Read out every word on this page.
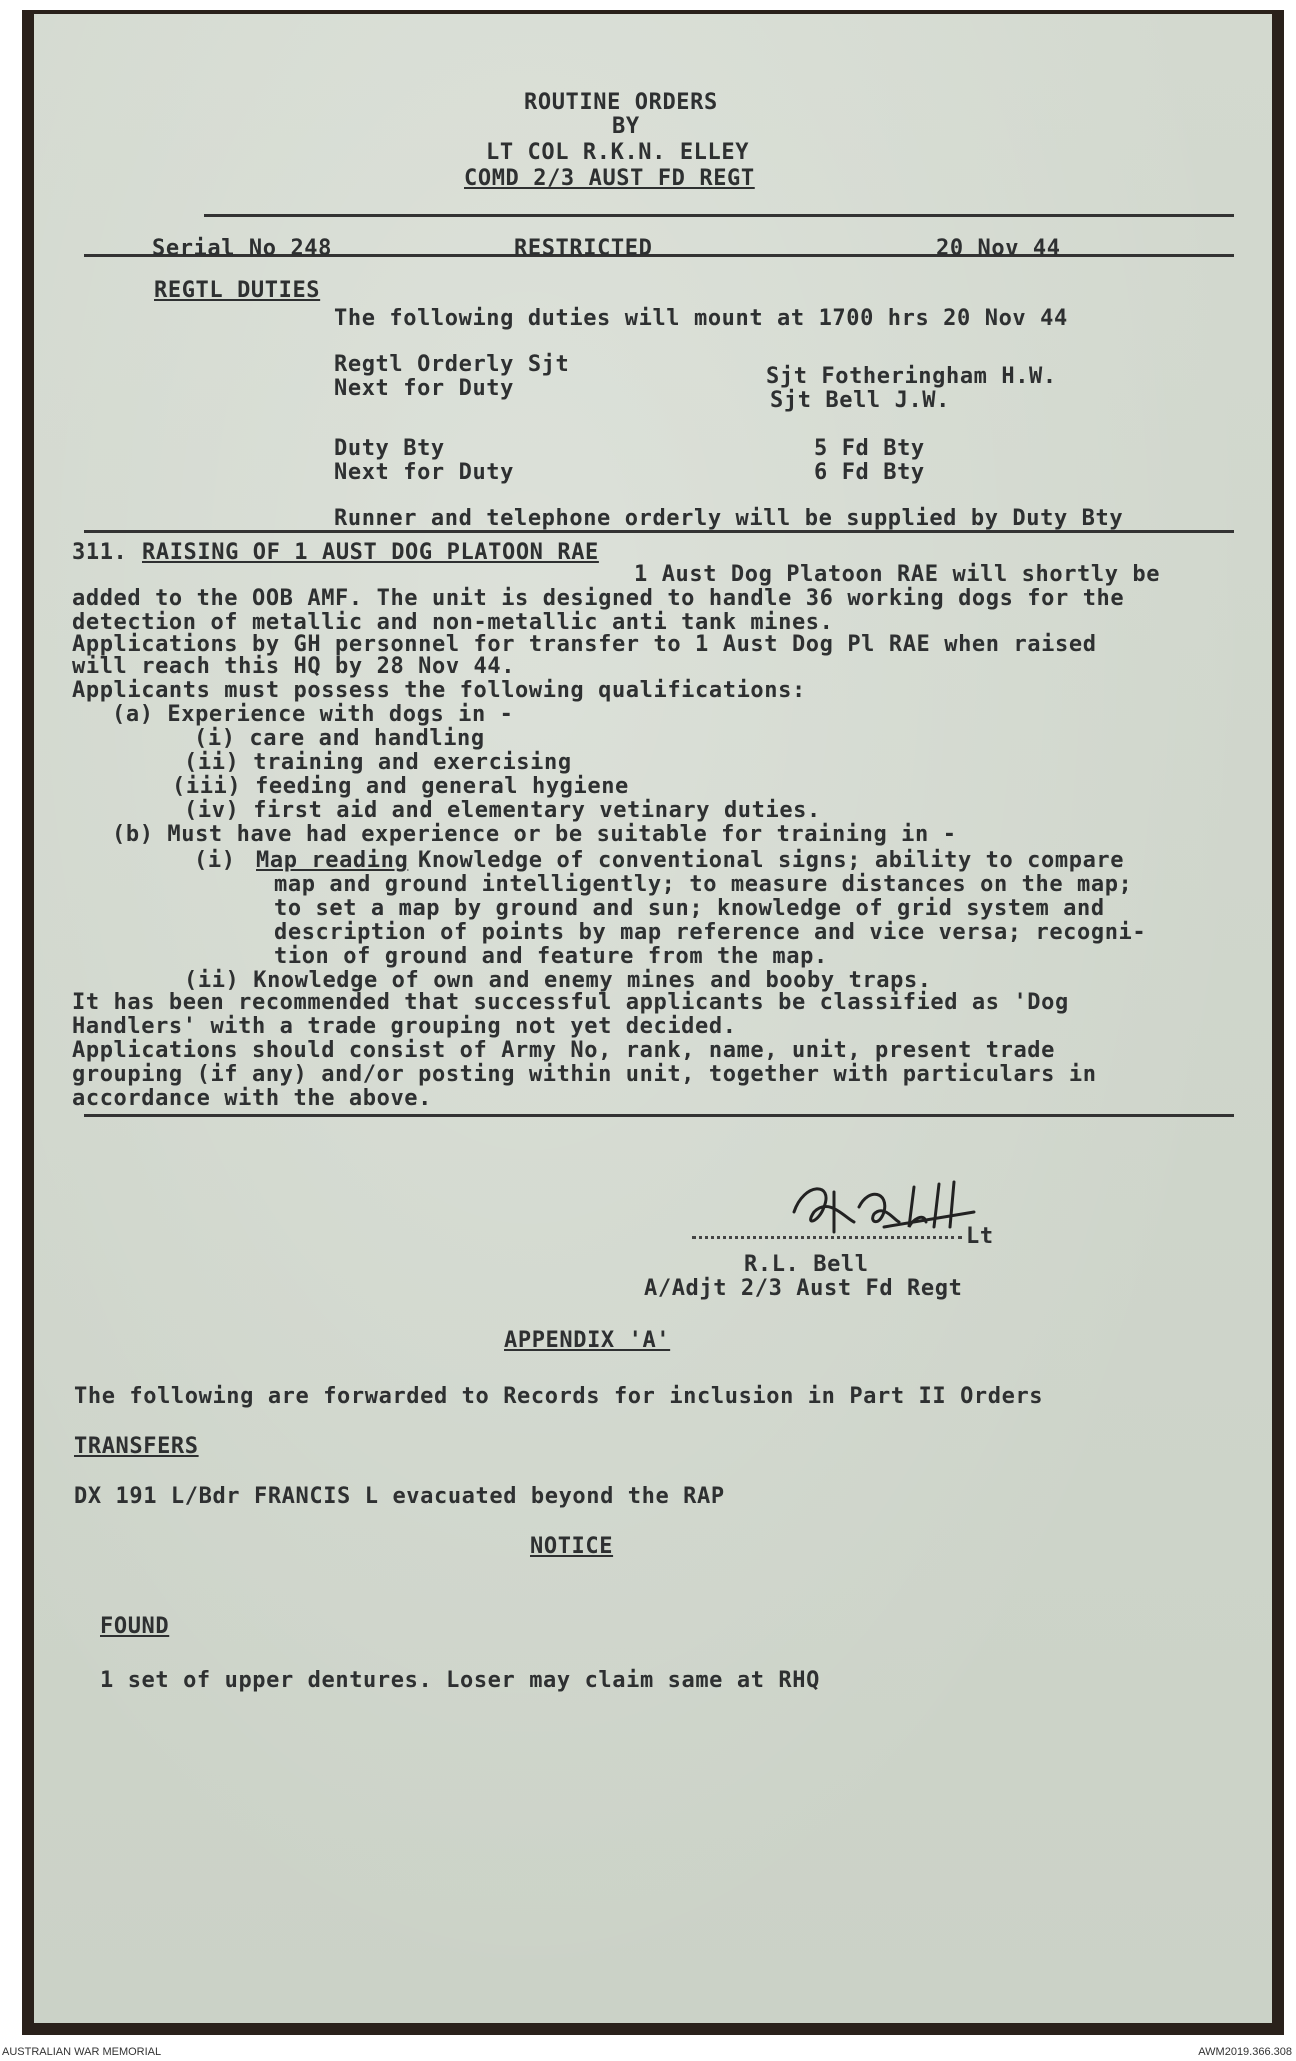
ROUTINE ORDERS
BY
LT COL R.K.N. ELLEY
COMD 2/3 AUST FD REGT
Serial No 248	RESTRICTED	20 Nov 44
REGTL DUTIES
The following duties will mount at 1700 hrs 20 Nov 44
Regtl Orderly Sjt	Sjt Fotheringham H.W.
Next for Duty	Sjt Bell J.W.
Duty Bty	5 Fd Bty
Next for Duty	6 Fd Bty
Runner and telephone orderly will be supplied by Duty Bty
311. RAISING OF 1 AUST DOG PLATOON RAE
1 Aust Dog Platoon RAE will shortly be
added to the OOB AMF. The unit is designed to handle 36 working dogs for the
detection of metallic and non-metallic anti tank mines.
Applications by GH personnel for transfer to 1 Aust Dog Pl RAE when raised
will reach this HQ by 28 Nov 44.
Applicants must possess the following qualifications:
(a) Experience with dogs in -
(i) care and handling
(ii) training and exercising
(iii) feeding and general hygiene
(iv) first aid and elementary vetinary duties.
(b) Must have had experience or be suitable for training in -
(i) Map reading Knowledge of conventional signs; ability to compare
map and ground intelligently; to measure distances on the map;
to set a map by ground and sun; knowledge of grid system and
description of points by map reference and vice versa; recogni-
tion of ground and feature from the map.
(ii) Knowledge of own and enemy mines and booby traps.
It has been recommended that successful applicants be classified as 'Dog
Handlers' with a trade grouping not yet decided.
Applications should consist of Army No, rank, name, unit, present trade
grouping (if any) and/or posting within unit, together with particulars in
accordance with the above.
Lt
R.L. Bell
A/Adjt 2/3 Aust Fd Regt
APPENDIX 'A'
The following are forwarded to Records for inclusion in Part II Orders
TRANSFERS
DX 191 L/Bdr FRANCIS L evacuated beyond the RAP
NOTICE
FOUND
1 set of upper dentures. Loser may claim same at RHQ
AUSTRALIAN WAR MEMORIAL	AWM2019.366.308
